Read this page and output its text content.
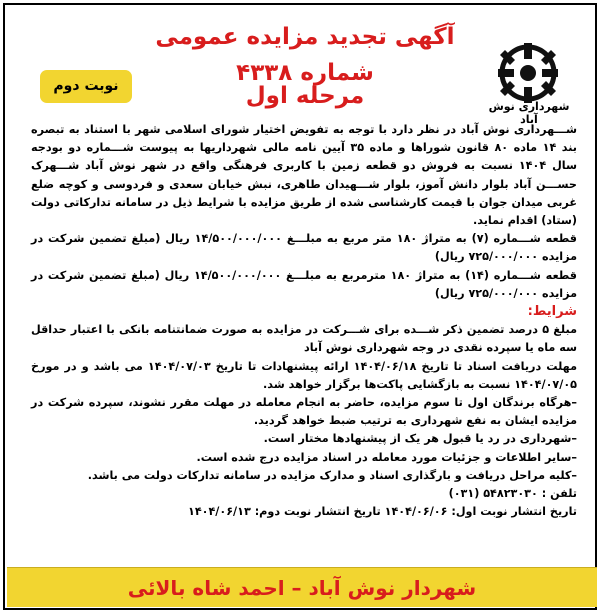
آگهی تجدید مزایده عمومی شماره ۴۳۳۸
مرحله اول
نوبت دوم
شهرداری نوش آباد

شـــهرداری نوش آباد در نظر دارد با توجه به تفویض اختیار شورای اسلامی شهر با استناد به تبصره بند ۱۴ ماده ۸۰ قانون شوراها و ماده ۳۵ آیین نامه مالی شهرداریها به پیوست شـــماره دو بودجه سال ۱۴۰۴ نسبت به فروش دو قطعه زمین با کاربری فرهنگی واقع در شهر نوش آباد شـــهرک حســـن آباد بلوار دانش آموز، بلوار شـــهیدان طاهری، نبش خیابان سعدی و فردوسی و کوچه ضلع غربی میدان جوان با قیمت کارشناسی شده از طریق مزایده با شرایط ذیل در سامانه تدارکاتی دولت (ستاد) اقدام نماید.

قطعه شـــماره (۷) به متراژ ۱۸۰ متر مربع به مبلـــغ ۱۴/۵۰۰/۰۰۰/۰۰۰ ریال (مبلغ تضمین شرکت در مزایده ۷۲۵/۰۰۰/۰۰۰ ریال)

قطعه شـــماره (۱۴) به متراژ ۱۸۰ مترمربع به مبلـــغ ۱۴/۵۰۰/۰۰۰/۰۰۰ ریال (مبلغ تضمین شرکت در مزایده ۷۲۵/۰۰۰/۰۰۰ ریال)

شرایط:

مبلغ ۵ درصد تضمین ذکر شـــده برای شـــرکت در مزایده به صورت ضمانتنامه بانکی با اعتبار حداقل سه ماه یا سپرده نقدی در وجه شهرداری نوش آباد

مهلت دریافت اسناد تا تاریخ ۱۴۰۴/۰۶/۱۸ ارائه پیشنهادات تا تاریخ ۱۴۰۴/۰۷/۰۳ می باشد و در مورخ ۱۴۰۴/۰۷/۰۵ نسبت به بازگشایی پاکت‌ها برگزار خواهد شد.

–هرگاه برندگان اول تا سوم مزایده، حاضر به انجام معامله در مهلت مقرر نشوند، سپرده شرکت در مزایده ایشان به نفع شهرداری به ترتیب ضبط خواهد گردید.

–شهرداری در رد یا قبول هر یک از پیشنهادها مختار است.

–سایر اطلاعات و جزئیات مورد معامله در اسناد مزایده درج شده است.

–کلیه مراحل دریافت و بارگذاری اسناد و مدارک مزایده در سامانه تدارکات دولت می باشد.

تلفن : ۵۴۸۲۳۰۳۰ (۰۳۱)

تاریخ انتشار نوبت اول: ۱۴۰۴/۰۶/۰۶ تاریخ انتشار نوبت دوم: ۱۴۰۴/۰۶/۱۳

شهردار نوش آباد – احمد شاه بالائی
